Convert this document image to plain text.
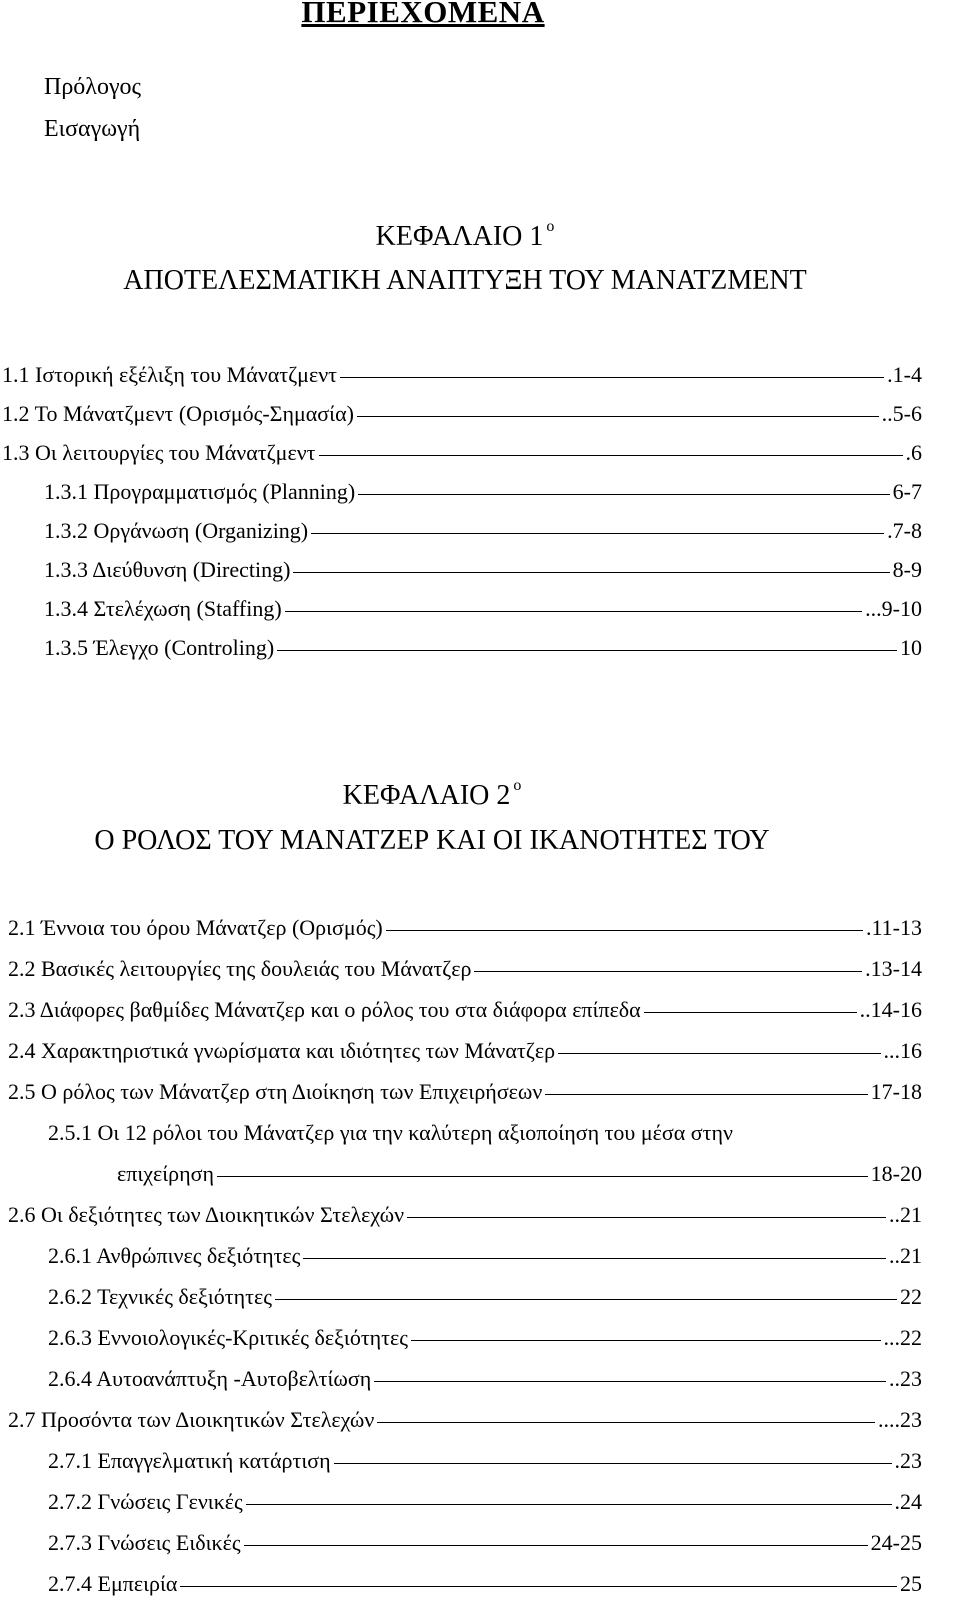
ΠΕΡΙΕΧΟΜΕΝΑ
Πρόλογος
Εισαγωγή
ΚΕΦΑΛΑΙΟ 1 $^o$
ΑΠΟΤΕΛΕΣΜΑΤΙΚΗ ΑΝΑΠΤΥΞΗ ΤΟΥ ΜΑΝΑΤΖΜΕΝΤ
1.1 Ιστορική εξέλιξη του Μάνατζμεντ	.1-4
1.2 Το Μάνατζμεντ (Ορισμός-Σημασία)	..5-6
1.3 Οι λειτουργίες του Μάνατζμεντ	.6
1.3.1 Προγραμματισμός (Planning)	6-7
1.3.2 Οργάνωση (Organizing)	.7-8
1.3.3 Διεύθυνση (Directing)	8-9
1.3.4 Στελέχωση (Staffing)	...9-10
1.3.5 Έλεγχο (Controling)	10
ΚΕΦΑΛΑΙΟ 2 $^o$
Ο ΡΟΛΟΣ ΤΟΥ ΜΑΝΑΤΖΕΡ ΚΑΙ ΟΙ ΙΚΑΝΟΤΗΤΕΣ ΤΟΥ
2.1 Έννοια του όρου Μάνατζερ (Ορισμός)	.11-13
2.2 Βασικές λειτουργίες της δουλειάς του Μάνατζερ	.13-14
2.3 Διάφορες βαθμίδες Μάνατζερ και ο ρόλος του στα διάφορα επίπεδα	..14-16
2.4 Χαρακτηριστικά γνωρίσματα και ιδιότητες των Μάνατζερ	...16
2.5 Ο ρόλος των Μάνατζερ στη Διοίκηση των Επιχειρήσεων	17-18
2.5.1 Οι 12 ρόλοι του Μάνατζερ για την καλύτερη αξιοποίηση του μέσα στην
επιχείρηση	18-20
2.6 Οι δεξιότητες των Διοικητικών Στελεχών	..21
2.6.1 Ανθρώπινες δεξιότητες	..21
2.6.2 Τεχνικές δεξιότητες	22
2.6.3 Εννοιολογικές-Κριτικές δεξιότητες	...22
2.6.4 Αυτοανάπτυξη -Αυτοβελτίωση	..23
2.7 Προσόντα των Διοικητικών Στελεχών	....23
2.7.1 Επαγγελματική κατάρτιση	.23
2.7.2 Γνώσεις Γενικές	.24
2.7.3 Γνώσεις Ειδικές	24-25
2.7.4 Εμπειρία	25
